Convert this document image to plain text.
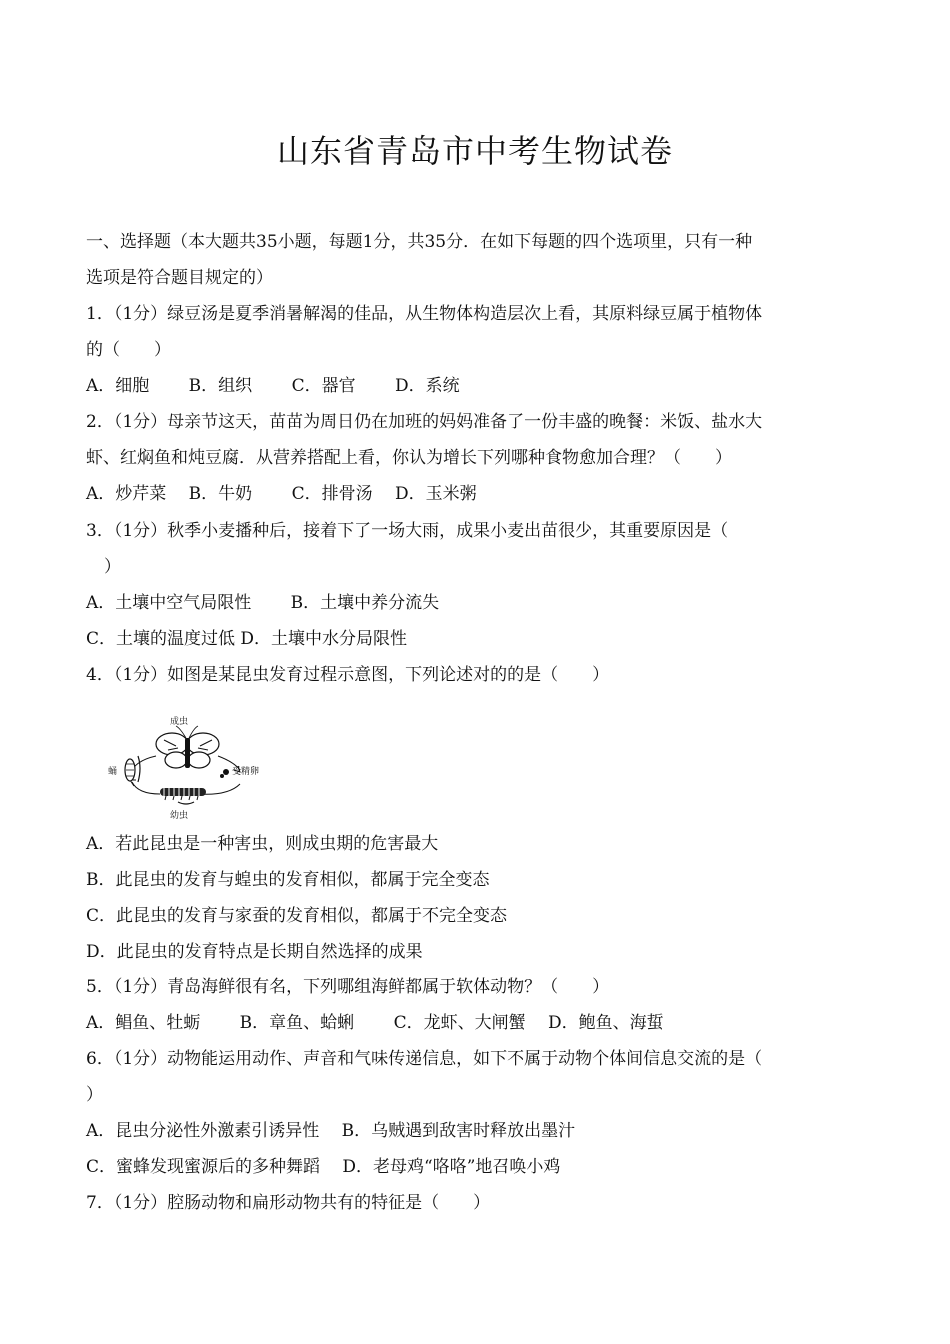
山东省青岛市中考生物试卷
一、选择题（本大题共35小题，每题1分，共35分．在如下每题的四个选项里，只有一种
选项是符合题目规定的）
1．（1分）绿豆汤是夏季消暑解渴的佳品，从生物体构造层次上看，其原料绿豆属于植物体
的（　　）
A．细胞　　 B．组织　　 C．器官　　 D．系统
2．（1分）母亲节这天，苗苗为周日仍在加班的妈妈准备了一份丰盛的晚餐：米饭、盐水大
虾、红焖鱼和炖豆腐．从营养搭配上看，你认为增长下列哪种食物愈加合理？（　　）
A．炒芹菜　 B．牛奶　　 C．排骨汤　 D．玉米粥
3．（1分）秋季小麦播种后，接着下了一场大雨，成果小麦出苗很少，其重要原因是（
）
A．土壤中空气局限性　　 B．土壤中养分流失
C．土壤的温度过低 D．土壤中水分局限性
4．（1分）如图是某昆虫发育过程示意图，下列论述对的的是（　　）
成虫
蛹	受精卵
幼虫
A．若此昆虫是一种害虫，则成虫期的危害最大
B．此昆虫的发育与蝗虫的发育相似，都属于完全变态
C．此昆虫的发育与家蚕的发育相似，都属于不完全变态
D．此昆虫的发育特点是长期自然选择的成果
5．（1分）青岛海鲜很有名，下列哪组海鲜都属于软体动物？（　　）
A．鲳鱼、牡蛎　　 B．章鱼、蛤蜊　　 C．龙虾、大闸蟹　 D．鲍鱼、海蜇
6．（1分）动物能运用动作、声音和气味传递信息，如下不属于动物个体间信息交流的是（
）
A．昆虫分泌性外激素引诱异性　 B．乌贼遇到敌害时释放出墨汁
C．蜜蜂发现蜜源后的多种舞蹈　 D．老母鸡“咯咯”地召唤小鸡
7．（1分）腔肠动物和扁形动物共有的特征是（　　）
